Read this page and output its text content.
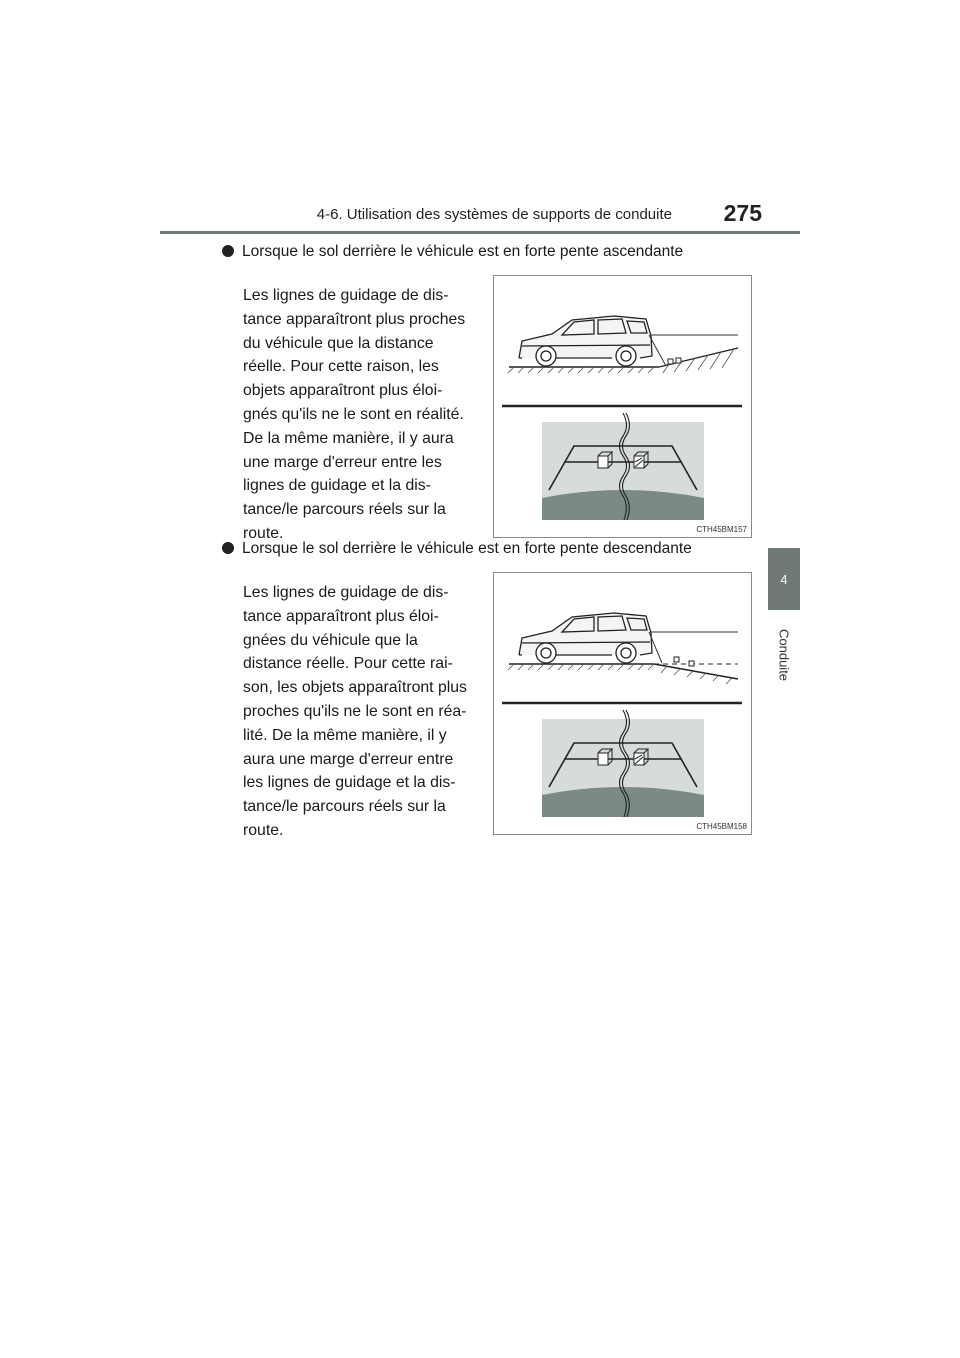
4-6. Utilisation des systèmes de supports de conduite	275
4
Conduite
Lorsque le sol derrière le véhicule est en forte pente ascendante
Les lignes de guidage de dis-
tance apparaîtront plus proches
du véhicule que la distance
réelle. Pour cette raison, les
objets apparaîtront plus éloi-
gnés qu'ils ne le sont en réalité.
De la même manière, il y aura
une marge d'erreur entre les
lignes de guidage et la dis-
tance/le parcours réels sur la
route.	CTH45BM157
Lorsque le sol derrière le véhicule est en forte pente descendante
Les lignes de guidage de dis-
tance apparaîtront plus éloi-
gnées du véhicule que la
distance réelle. Pour cette rai-
son, les objets apparaîtront plus
proches qu'ils ne le sont en réa-
lité. De la même manière, il y
aura une marge d'erreur entre
les lignes de guidage et la dis-
tance/le parcours réels sur la
route.	CTH45BM158
